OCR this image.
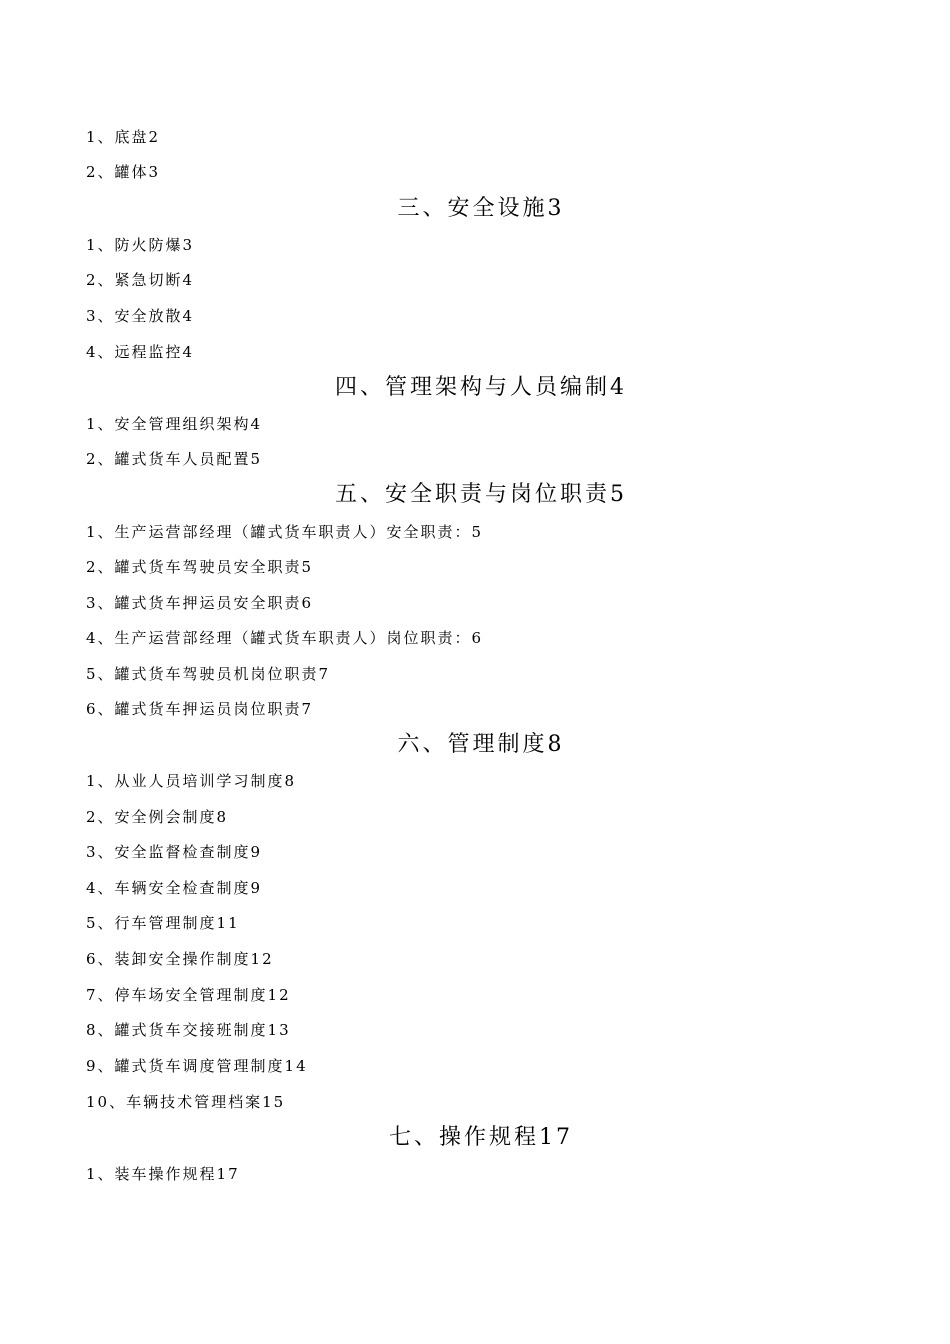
1、底盘2
2、罐体3
三、安全设施3
1、防火防爆3
2、紧急切断4
3、安全放散4
4、远程监控4
四、管理架构与人员编制4
1、安全管理组织架构4
2、罐式货车人员配置5
五、安全职责与岗位职责5
1、生产运营部经理（罐式货车职责人）安全职责：5
2、罐式货车驾驶员安全职责5
3、罐式货车押运员安全职责6
4、生产运营部经理（罐式货车职责人）岗位职责：6
5、罐式货车驾驶员机岗位职责7
6、罐式货车押运员岗位职责7
六、管理制度8
1、从业人员培训学习制度8
2、安全例会制度8
3、安全监督检查制度9
4、车辆安全检查制度9
5、行车管理制度11
6、装卸安全操作制度12
7、停车场安全管理制度12
8、罐式货车交接班制度13
9、罐式货车调度管理制度14
10、车辆技术管理档案15
七、操作规程17
1、装车操作规程17
